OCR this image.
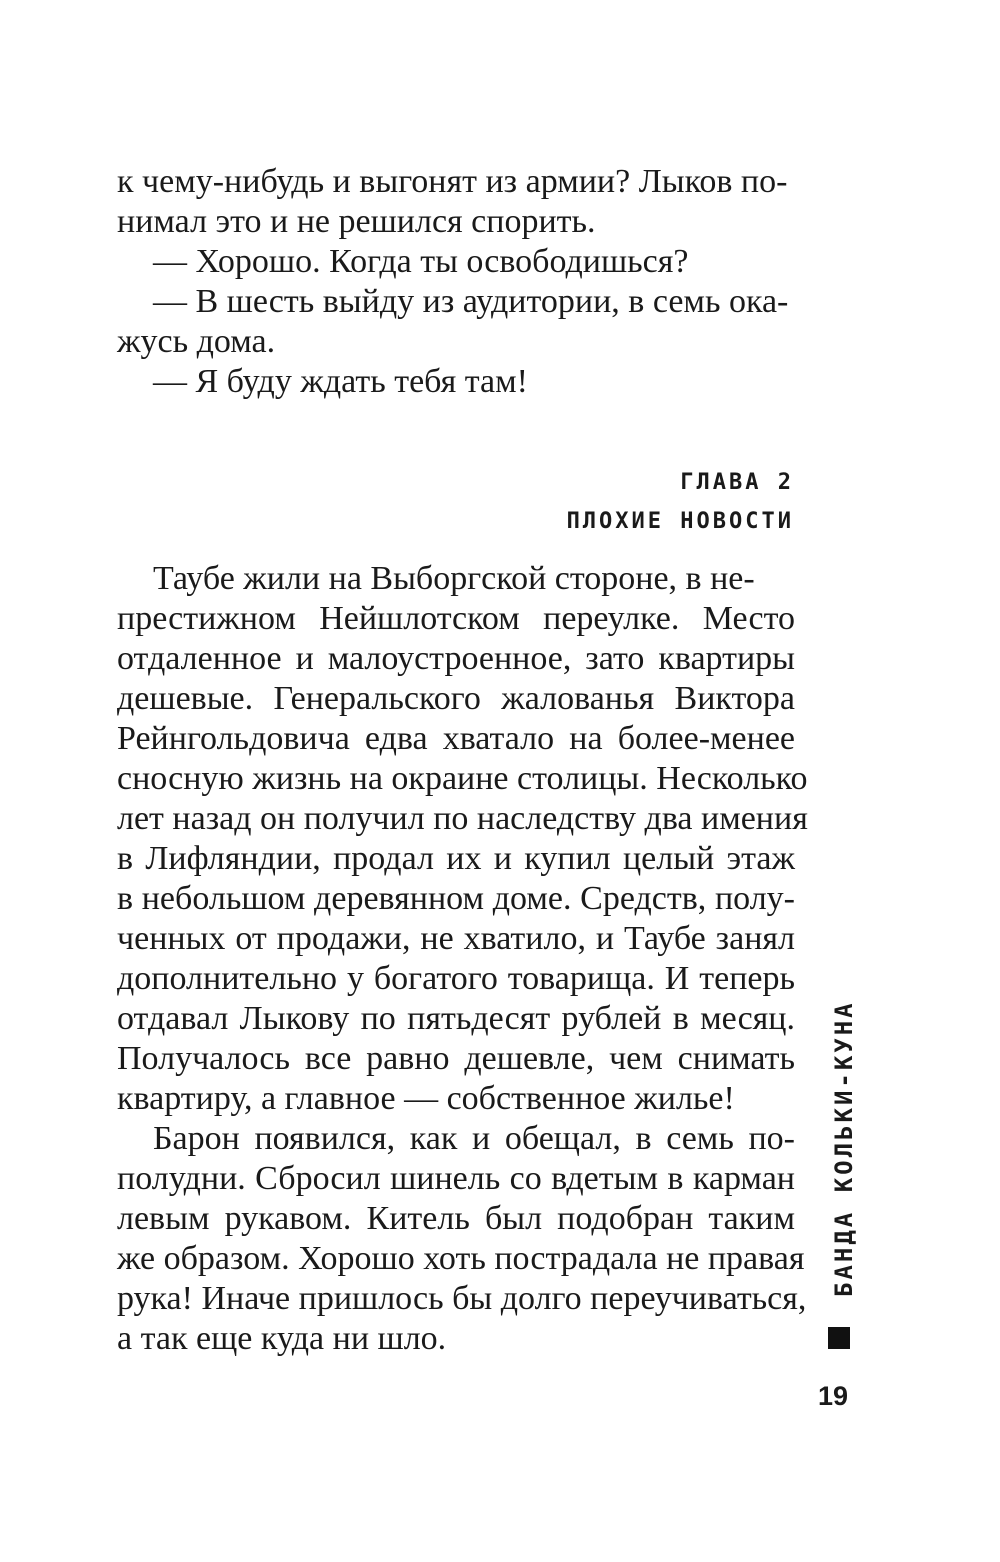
к чему-нибудь и выгонят из армии? Лыков по-

нимал это и не решился спорить.

— Хорошо. Когда ты освободишься?

— В шесть выйду из аудитории, в семь ока-

жусь дома.

— Я буду ждать тебя там!

ГЛАВА 2
ПЛОХИЕ НОВОСТИ

Таубе жили на Выборгской стороне, в не-

престижном Нейшлотском переулке. Место

отдаленное и малоустроенное, зато квартиры

дешевые. Генеральского жалованья Виктора

Рейнгольдовича едва хватало на более-менее

сносную жизнь на окраине столицы. Несколько

лет назад он получил по наследству два имения

в Лифляндии, продал их и купил целый этаж

в небольшом деревянном доме. Средств, полу-

ченных от продажи, не хватило, и Таубе занял

дополнительно у богатого товарища. И теперь

отдавал Лыкову по пятьдесят рублей в месяц.

Получалось все равно дешевле, чем снимать

квартиру, а главное — собственное жилье!

Барон появился, как и обещал, в семь по-

полудни. Сбросил шинель со вдетым в карман

левым рукавом. Китель был подобран таким

же образом. Хорошо хоть пострадала не правая

рука! Иначе пришлось бы долго переучиваться,

а так еще куда ни шло.

БАНДА КОЛЬКИ-КУНА
19
